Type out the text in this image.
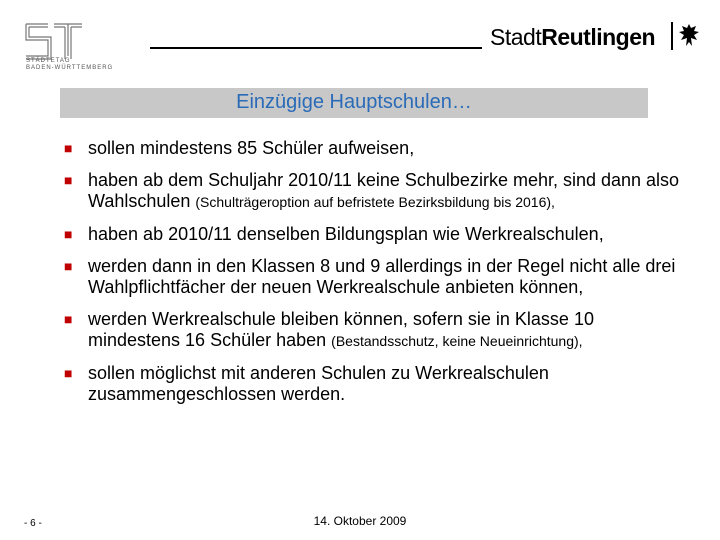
STÄDTETAG
BADEN-WÜRTTEMBERG
StadtReutlingen
Einzügige Hauptschulen…
■ sollen mindestens 85 Schüler aufweisen,
■ haben ab dem Schuljahr 2010/11 keine Schulbezirke mehr, sind dann also Wahlschulen (Schulträgeroption auf befristete Bezirksbildung bis 2016),
■ haben ab 2010/11 denselben Bildungsplan wie Werkrealschulen,
■ werden dann in den Klassen 8 und 9 allerdings in der Regel nicht alle drei Wahlpflichtfächer der neuen Werkrealschule anbieten können,
■ werden Werkrealschule bleiben können, sofern sie in Klasse 10 mindestens 16 Schüler haben (Bestandsschutz, keine Neueinrichtung),
■ sollen möglichst mit anderen Schulen zu Werkrealschulen zusammengeschlossen werden.
- 6 -	14. Oktober 2009
